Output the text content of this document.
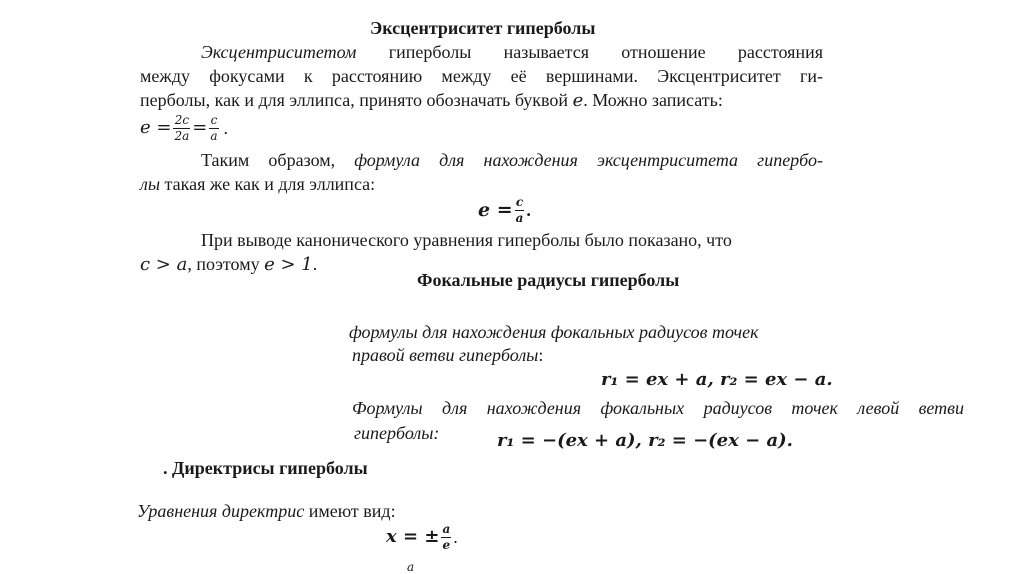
Эксцентриситет гиперболы
Эксцентриситетом гиперболы называется отношение расстояния
между фокусами к расстоянию между её вершинами. Эксцентриситет ги-
перболы, как и для эллипса, принято обозначать буквой e. Можно записать:
$e = \frac{2c}{2a} = \frac{c}{a}$ .
Таким образом, формула для нахождения эксцентриситета гипербо-
лы такая же как и для эллипса:
$e = \frac{c}{a}$ .
При выводе канонического уравнения гиперболы было показано, что
c > a, поэтому e > 1.
Фокальные радиусы гиперболы
формулы для нахождения фокальных радиусов точек
правой ветви гиперболы:
r₁ = ex + a, r₂ = ex − a.
Формулы для нахождения фокальных радиусов точек левой ветви
гиперболы:	r₁ = −(ex + a), r₂ = −(ex − a).
. Директрисы гиперболы
Уравнения директрис имеют вид:
x = ± $\frac{a}{e}$ .
a
